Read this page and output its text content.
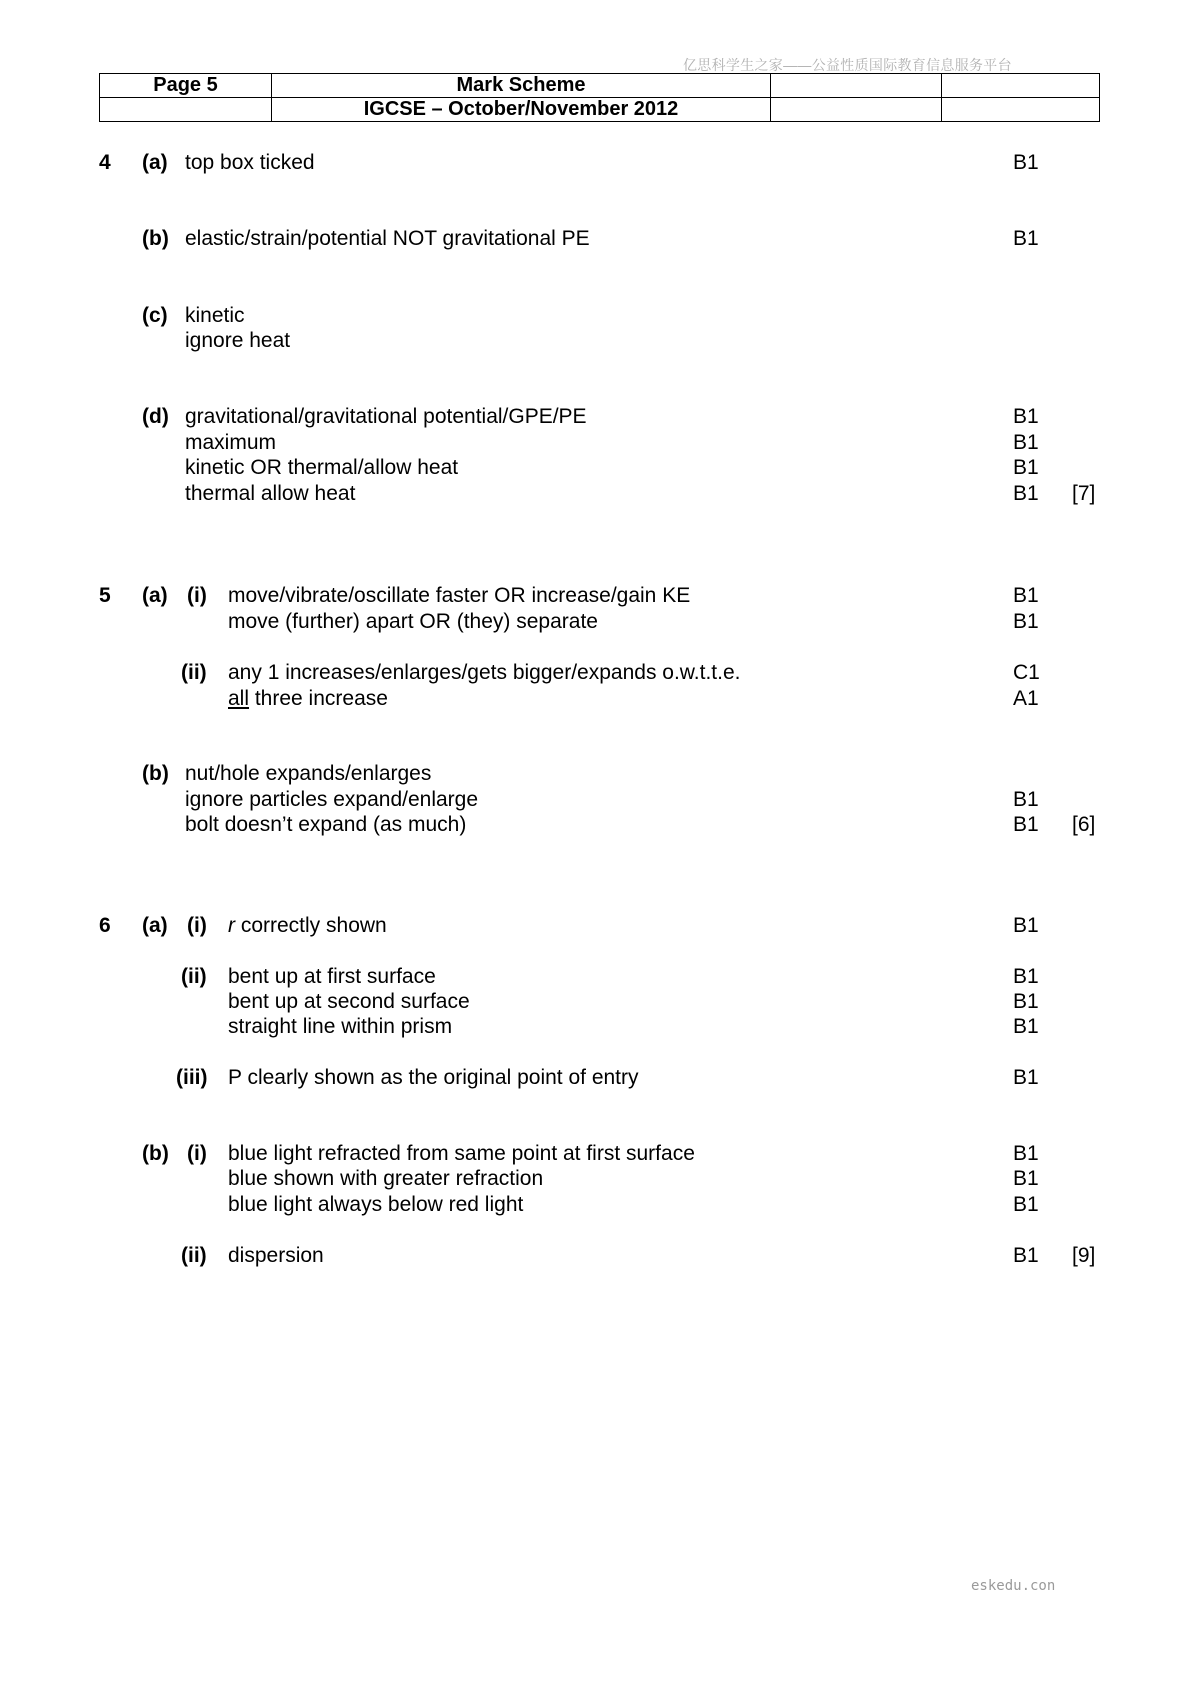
亿思科学生之家——公益性质国际教育信息服务平台
Page 5	Mark Scheme		
	IGCSE – October/November 2012		
4 (a) top box ticked	B1
(b) elastic/strain/potential NOT gravitational PE	B1
(c) kinetic
ignore heat
(d) gravitational/gravitational potential/GPE/PE	B1
maximum	B1
kinetic OR thermal/allow heat	B1
thermal allow heat	B1 [7]
5 (a) (i) move/vibrate/oscillate faster OR increase/gain KE	B1
move (further) apart OR (they) separate	B1
(ii) any 1 increases/enlarges/gets bigger/expands o.w.t.t.e.	C1
all three increase	A1
(b) nut/hole expands/enlarges
ignore particles expand/enlarge	B1
bolt doesn’t expand (as much)	B1 [6]
6 (a) (i) r correctly shown	B1
(ii) bent up at first surface	B1
bent up at second surface	B1
straight line within prism	B1
(iii) P clearly shown as the original point of entry	B1
(b) (i) blue light refracted from same point at first surface	B1
blue shown with greater refraction	B1
blue light always below red light	B1
(ii) dispersion	B1 [9]
eskedu.con
